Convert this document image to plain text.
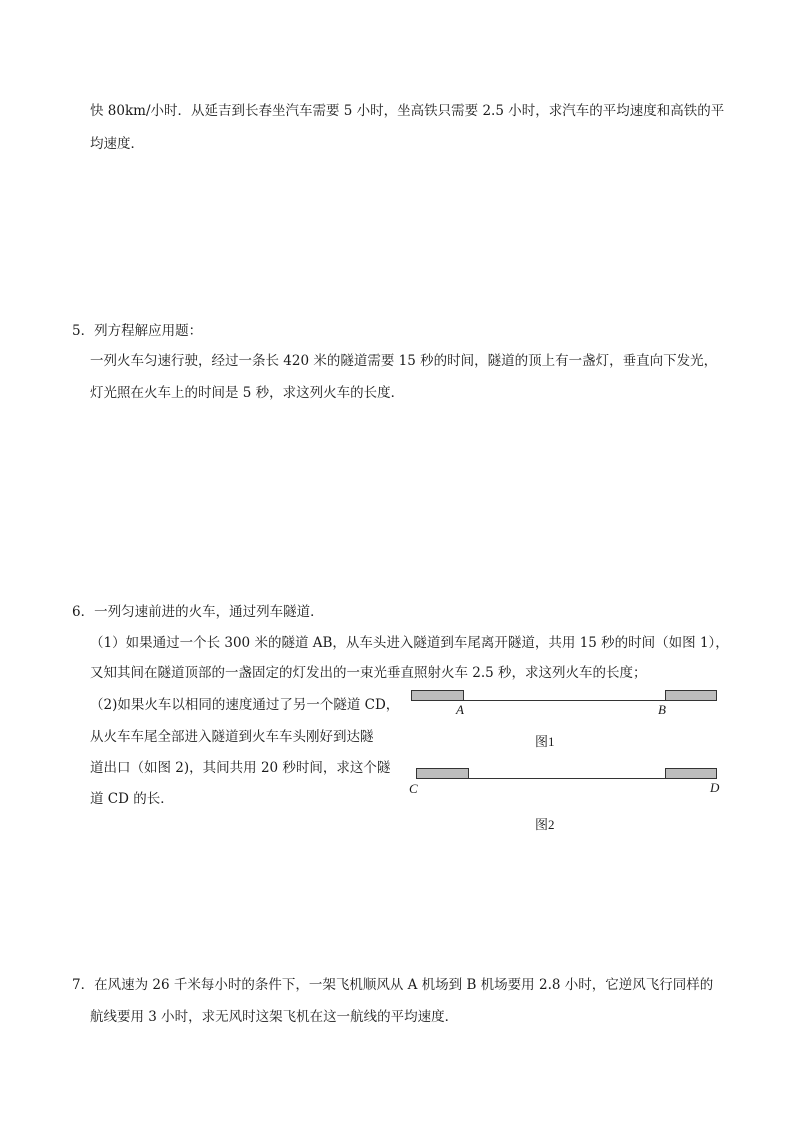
快 80km/小时．从延吉到长春坐汽车需要 5 小时，坐高铁只需要 2.5 小时，求汽车的平均速度和高铁的平
均速度．
5．列方程解应用题：
一列火车匀速行驶，经过一条长 420 米的隧道需要 15 秒的时间，隧道的顶上有一盏灯，垂直向下发光，
灯光照在火车上的时间是 5 秒，求这列火车的长度．
6．一列匀速前进的火车，通过列车隧道．
（1）如果通过一个长 300 米的隧道 AB，从车头进入隧道到车尾离开隧道，共用 15 秒的时间（如图 1），
又知其间在隧道顶部的一盏固定的灯发出的一束光垂直照射火车 2.5 秒，求这列火车的长度；
（2)如果火车以相同的速度通过了另一个隧道 CD，
从火车车尾全部进入隧道到火车车头刚好到达隧
道出口（如图 2)，其间共用 20 秒时间，求这个隧
道 CD 的长．
A	B
图1
C	D
图2
7．在风速为 26 千米每小时的条件下，一架飞机顺风从 A 机场到 B 机场要用 2.8 小时，它逆风飞行同样的
航线要用 3 小时，求无风时这架飞机在这一航线的平均速度．
